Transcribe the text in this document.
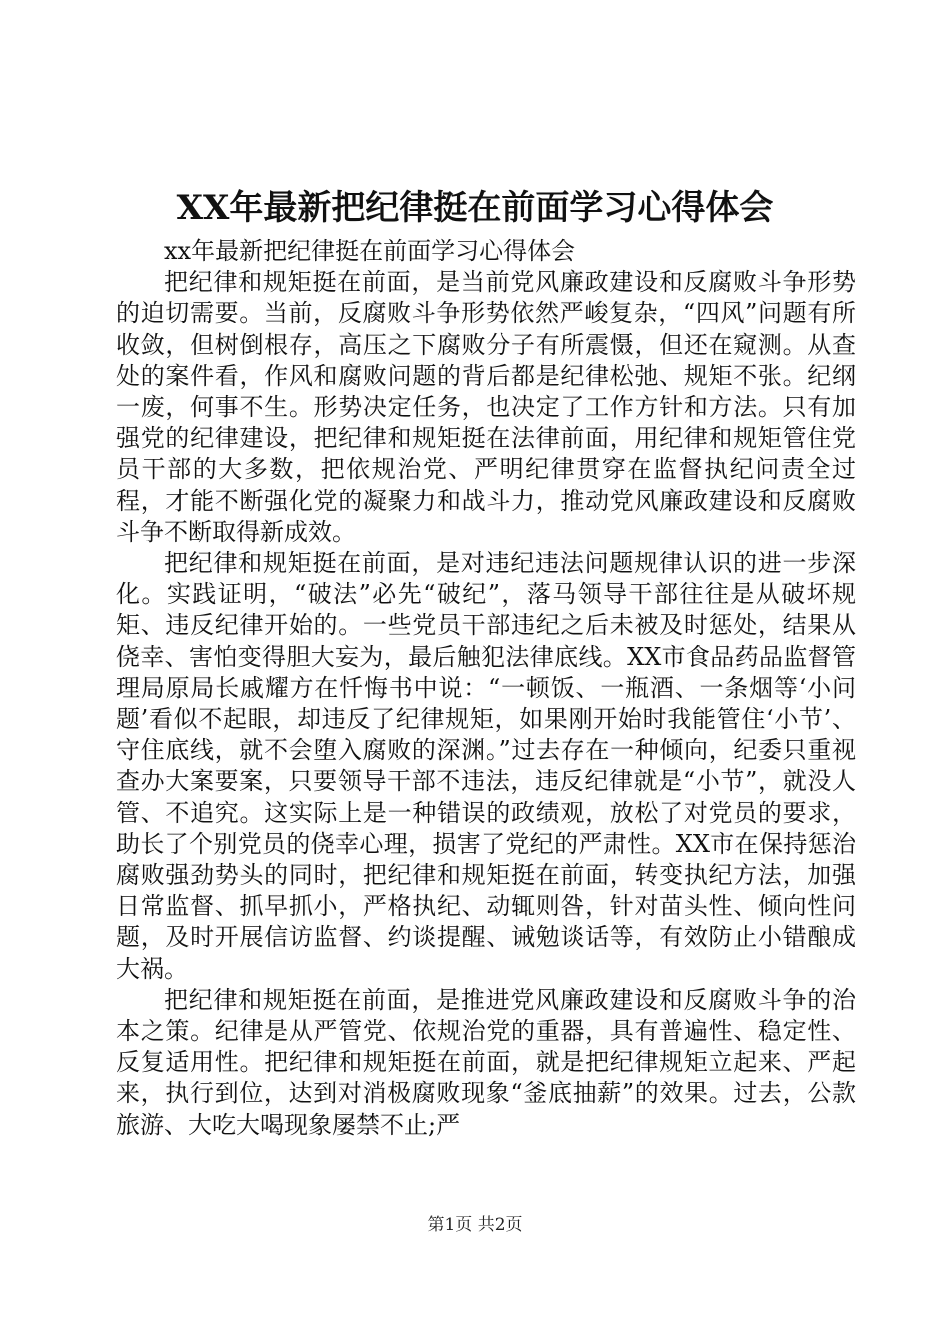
XX年最新把纪律挺在前面学习心得体会

xx年最新把纪律挺在前面学习心得体会

把纪律和规矩挺在前面，是当前党风廉政建设和反腐败斗争形势的迫切需要。当前，反腐败斗争形势依然严峻复杂，“四风”问题有所收敛，但树倒根存，高压之下腐败分子有所震慑，但还在窥测。从查处的案件看，作风和腐败问题的背后都是纪律松弛、规矩不张。纪纲一废，何事不生。形势决定任务，也决定了工作方针和方法。只有加强党的纪律建设，把纪律和规矩挺在法律前面，用纪律和规矩管住党员干部的大多数，把依规治党、严明纪律贯穿在监督执纪问责全过程，才能不断强化党的凝聚力和战斗力，推动党风廉政建设和反腐败斗争不断取得新成效。

把纪律和规矩挺在前面，是对违纪违法问题规律认识的进一步深化。实践证明，“破法”必先“破纪”，落马领导干部往往是从破坏规矩、违反纪律开始的。一些党员干部违纪之后未被及时惩处，结果从侥幸、害怕变得胆大妄为，最后触犯法律底线。XX市食品药品监督管理局原局长戚耀方在忏悔书中说：“一顿饭、一瓶酒、一条烟等‘小问题’看似不起眼，却违反了纪律规矩，如果刚开始时我能管住‘小节’、守住底线，就不会堕入腐败的深渊。”过去存在一种倾向，纪委只重视查办大案要案，只要领导干部不违法，违反纪律就是“小节”，就没人管、不追究。这实际上是一种错误的政绩观，放松了对党员的要求，助长了个别党员的侥幸心理，损害了党纪的严肃性。XX市在保持惩治腐败强劲势头的同时，把纪律和规矩挺在前面，转变执纪方法，加强日常监督、抓早抓小，严格执纪、动辄则咎，针对苗头性、倾向性问题，及时开展信访监督、约谈提醒、诫勉谈话等，有效防止小错酿成大祸。

把纪律和规矩挺在前面，是推进党风廉政建设和反腐败斗争的治本之策。纪律是从严管党、依规治党的重器，具有普遍性、稳定性、反复适用性。把纪律和规矩挺在前面，就是把纪律规矩立起来、严起来，执行到位，达到对消极腐败现象“釜底抽薪”的效果。过去，公款旅游、大吃大喝现象屡禁不止;严

第1页 共2页
